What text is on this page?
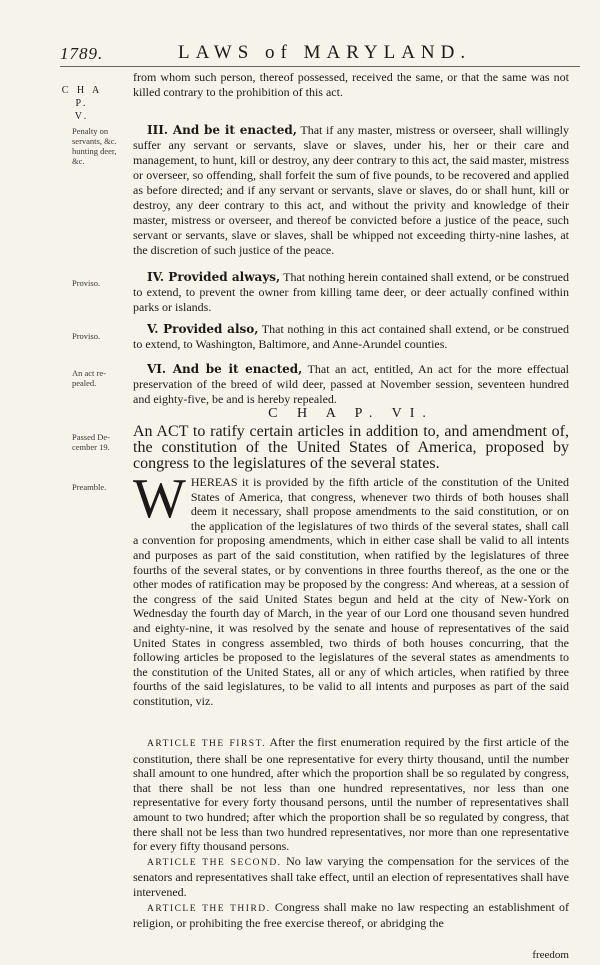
1789.	LAWS of MARYLAND.
C H A P.
V.

from whom such person, thereof possessed, received the same, or that the same was not killed contrary to the prohibition of this act.

Penalty on servants, &c. hunting deer, &c.

III. And be it enacted, That if any master, mistress or overseer, shall willingly suffer any servant or servants, slave or slaves, under his, her or their care and management, to hunt, kill or destroy, any deer contrary to this act, the said master, mistress or overseer, so offending, shall forfeit the sum of five pounds, to be recovered and applied as before directed; and if any servant or servants, slave or slaves, do or shall hunt, kill or destroy, any deer contrary to this act, and without the privity and knowledge of their master, mistress or overseer, and thereof be convicted before a justice of the peace, such servant or servants, slave or slaves, shall be whipped not exceeding thirty-nine lashes, at the discretion of such justice of the peace.

Proviso.	IV. Provided always, That nothing herein contained shall extend, or be construed to extend, to prevent the owner from killing tame deer, or deer actually confined within parks or islands.

Proviso.	V. Provided also, That nothing in this act contained shall extend, or be construed to extend, to Washington, Baltimore, and Anne-Arundel counties.

An act re-pealed.

VI. And be it enacted, That an act, entitled, An act for the more effectual preservation of the breed of wild deer, passed at November session, seventeen hundred and eighty-five, be and is hereby repealed.

C H A P. VI.
Passed De-cember 19.
An ACT to ratify certain articles in addition to, and amendment of, the constitution of the United States of America, proposed by congress to the legislatures of the several states.
Preamble. WHEREAS it is provided by the fifth article of the constitution of the United States of America, that congress, whenever two thirds of both houses shall deem it necessary, shall propose amendments to the said constitution, or on the application of the legislatures of two thirds of the several states, shall call a convention for proposing amendments, which in either case shall be valid to all intents and purposes as part of the said constitution, when ratified by the legislatures of three fourths of the several states, or by conventions in three fourths thereof, as the one or the other modes of ratification may be proposed by the congress: And whereas, at a session of the congress of the said United States begun and held at the city of New-York on Wednesday the fourth day of March, in the year of our Lord one thousand seven hundred and eighty-nine, it was resolved by the senate and house of representatives of the said United States in congress assembled, two thirds of both houses concurring, that the following articles be proposed to the legislatures of the several states as amendments to the constitution of the United States, all or any of which articles, when ratified by three fourths of the said legislatures, to be valid to all intents and purposes as part of the said constitution, viz.

ARTICLE THE FIRST. After the first enumeration required by the first article of the constitution, there shall be one representative for every thirty thousand, until the number shall amount to one hundred, after which the proportion shall be so regulated by congress, that there shall be not less than one hundred representatives, nor less than one representative for every forty thousand persons, until the number of representatives shall amount to two hundred; after which the proportion shall be so regulated by congress, that there shall not be less than two hundred representatives, nor more than one representative for every fifty thousand persons.

ARTICLE THE SECOND. No law varying the compensation for the services of the senators and representatives shall take effect, until an election of representatives shall have intervened.

ARTICLE THE THIRD. Congress shall make no law respecting an establishment of religion, or prohibiting the free exercise thereof, or abridging the

freedom
